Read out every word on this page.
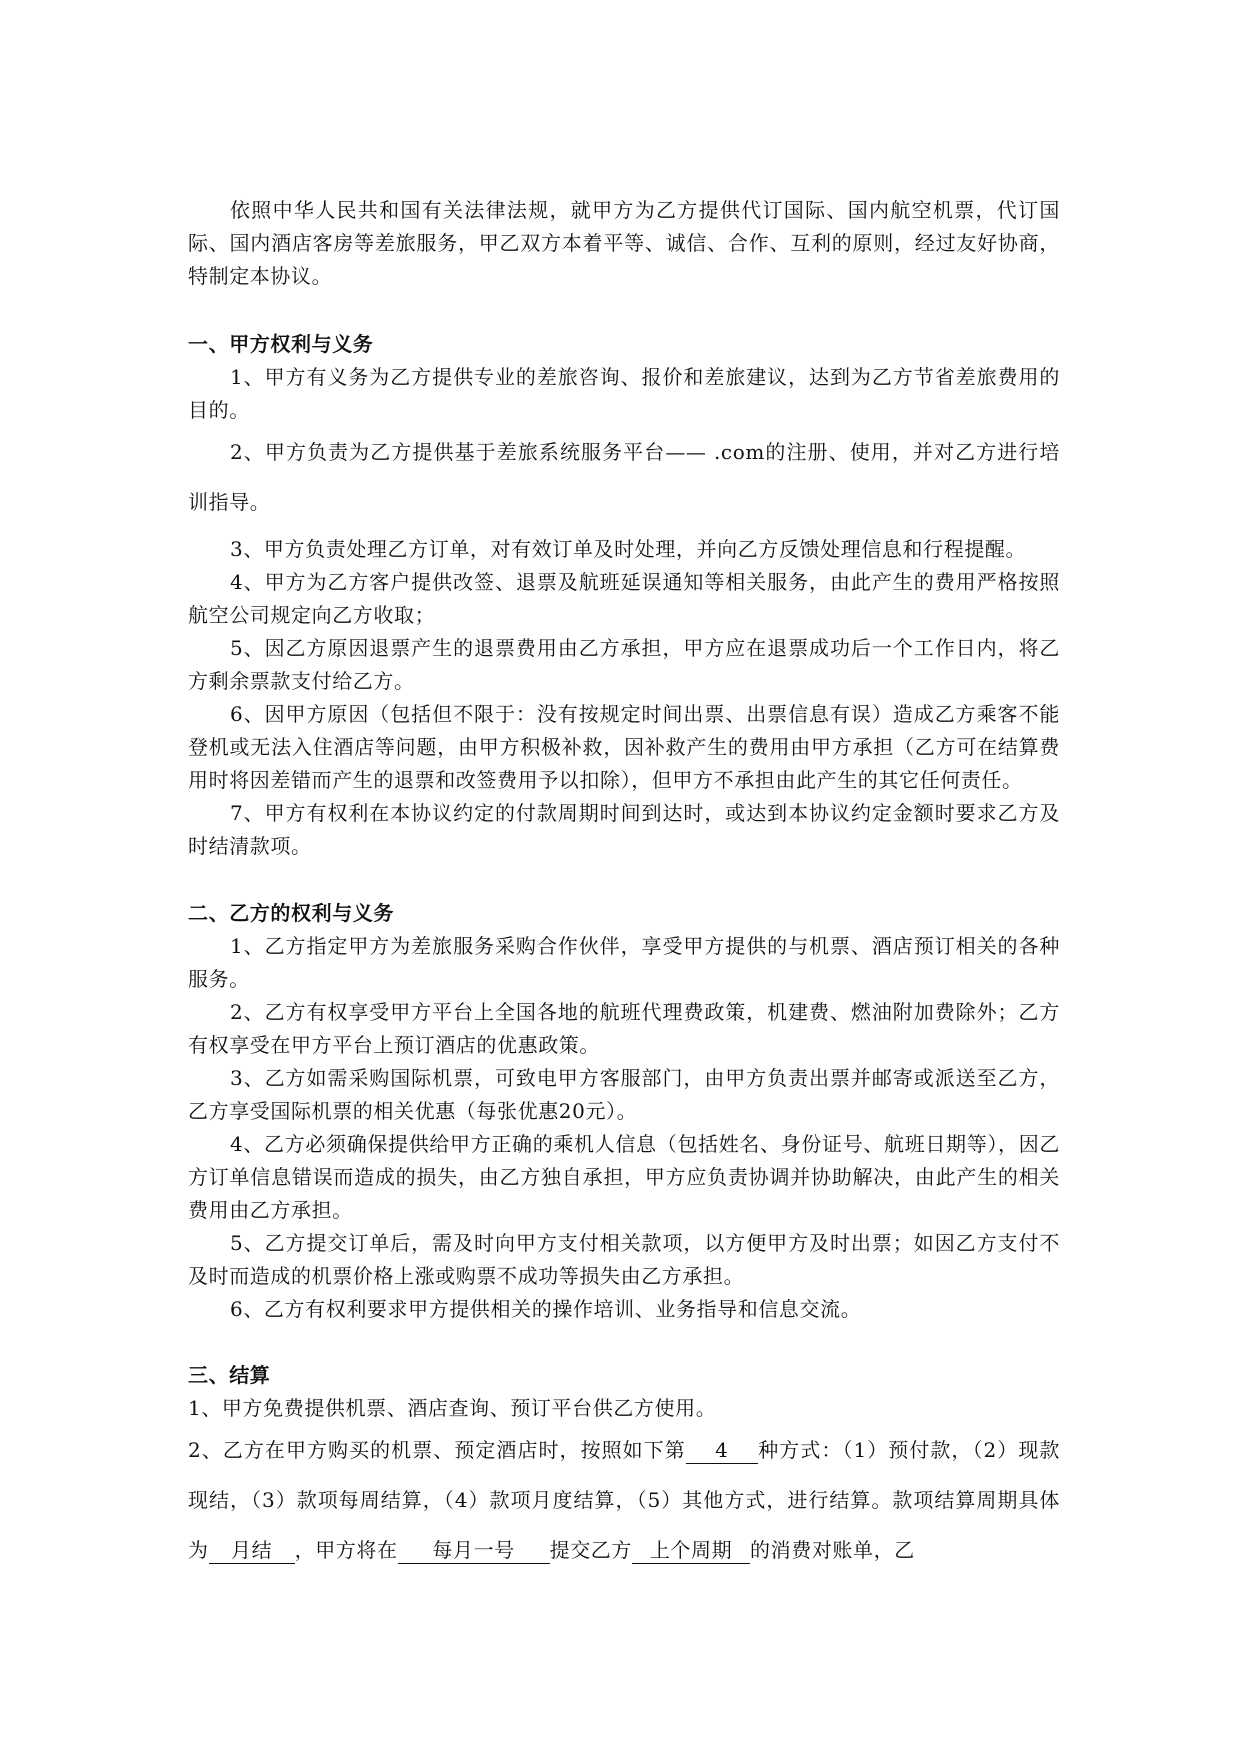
依照中华人民共和国有关法律法规，就甲方为乙方提供代订国际、国内航空机票，代订国际、国内酒店客房等差旅服务，甲乙双方本着平等、诚信、合作、互利的原则，经过友好协商，特制定本协议。

一、甲方权利与义务

1、甲方有义务为乙方提供专业的差旅咨询、报价和差旅建议，达到为乙方节省差旅费用的目的。

2、甲方负责为乙方提供基于差旅系统服务平台—— .com的注册、使用，并对乙方进行培训指导。

3、甲方负责处理乙方订单，对有效订单及时处理，并向乙方反馈处理信息和行程提醒。

4、甲方为乙方客户提供改签、退票及航班延误通知等相关服务，由此产生的费用严格按照航空公司规定向乙方收取；

5、因乙方原因退票产生的退票费用由乙方承担，甲方应在退票成功后一个工作日内，将乙方剩余票款支付给乙方。

6、因甲方原因（包括但不限于：没有按规定时间出票、出票信息有误）造成乙方乘客不能登机或无法入住酒店等问题，由甲方积极补救，因补救产生的费用由甲方承担（乙方可在结算费用时将因差错而产生的退票和改签费用予以扣除），但甲方不承担由此产生的其它任何责任。

7、甲方有权利在本协议约定的付款周期时间到达时，或达到本协议约定金额时要求乙方及时结清款项。

二、乙方的权利与义务

1、乙方指定甲方为差旅服务采购合作伙伴，享受甲方提供的与机票、酒店预订相关的各种服务。

2、乙方有权享受甲方平台上全国各地的航班代理费政策，机建费、燃油附加费除外；乙方有权享受在甲方平台上预订酒店的优惠政策。

3、乙方如需采购国际机票，可致电甲方客服部门，由甲方负责出票并邮寄或派送至乙方，乙方享受国际机票的相关优惠（每张优惠20元）。

4、乙方必须确保提供给甲方正确的乘机人信息（包括姓名、身份证号、航班日期等），因乙方订单信息错误而造成的损失，由乙方独自承担，甲方应负责协调并协助解决，由此产生的相关费用由乙方承担。

5、乙方提交订单后，需及时向甲方支付相关款项，以方便甲方及时出票；如因乙方支付不及时而造成的机票价格上涨或购票不成功等损失由乙方承担。

6、乙方有权利要求甲方提供相关的操作培训、业务指导和信息交流。

三、结算

1、甲方免费提供机票、酒店查询、预订平台供乙方使用。

2、乙方在甲方购买的机票、预定酒店时，按照如下第 4 种方式：（1）预付款，（2）现款现结，（3）款项每周结算，（4）款项月度结算，（5）其他方式，进行结算。款项结算周期具体为 月结 ，甲方将在 每月一号 提交乙方 上个周期 的消费对账单，乙
